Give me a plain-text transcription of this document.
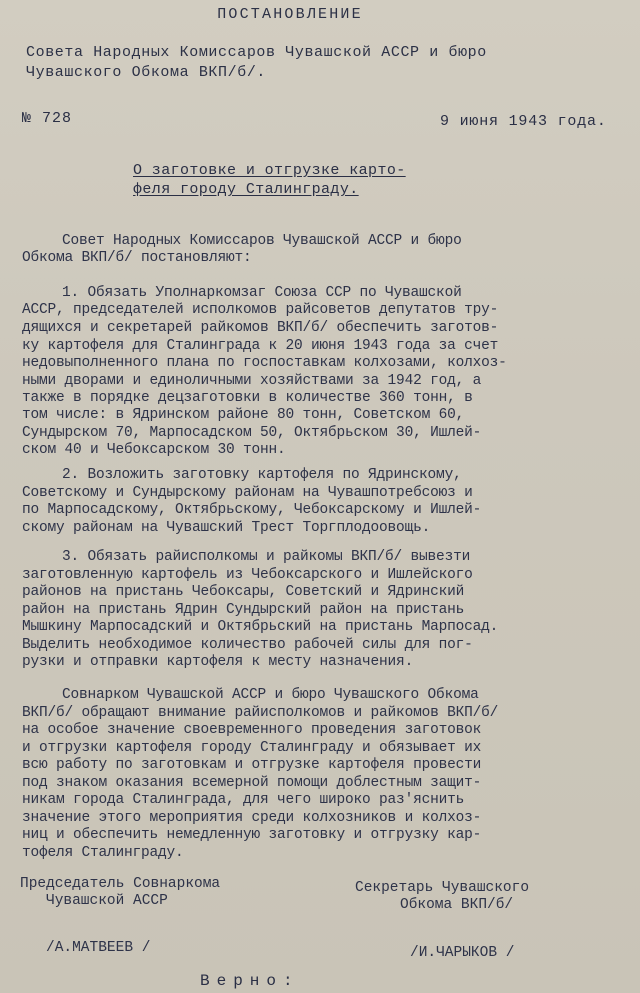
ПОСТАНОВЛЕНИЕ
Совета Народных Комиссаров Чувашской АССР и бюро
Чувашского Обкома ВКП/б/.
№ 728	9 июня 1943 года.
О заготовке и отгрузке карто-
феля городу Сталинграду.
Совет Народных Комиссаров Чувашской АССР и бюро
Обкома ВКП/б/ постановляют:
1. Обязать Уполнаркомзаг Союза ССР по Чувашской
АССР, председателей исполкомов райсоветов депутатов тру-
дящихся и секретарей райкомов ВКП/б/ обеспечить заготов-
ку картофеля для Сталинграда к 20 июня 1943 года за счет
недовыполненного плана по госпоставкам колхозами, колхоз-
ными дворами и единоличными хозяйствами за 1942 год, а
также в порядке децзаготовки в количестве 360 тонн, в
том числе: в Ядринском районе 80 тонн, Советском 60,
Сундырском 70, Марпосадском 50, Октябрьском 30, Ишлей-
ском 40 и Чебоксарском 30 тонн.
2. Возложить заготовку картофеля по Ядринскому,
Советскому и Сундырскому районам на Чувашпотребсоюз и
по Марпосадскому, Октябрьскому, Чебоксарскому и Ишлей-
скому районам на Чувашский Трест Торгплодоовощь.
3. Обязать райисполкомы и райкомы ВКП/б/ вывезти
заготовленную картофель из Чебоксарского и Ишлейского
районов на пристань Чебоксары, Советский и Ядринский
район на пристань Ядрин Сундырский район на пристань
Мышкину Марпосадский и Октябрьский на пристань Марпосад.
Выделить необходимое количество рабочей силы для пог-
рузки и отправки картофеля к месту назначения.
Совнарком Чувашской АССР и бюро Чувашского Обкома
ВКП/б/ обращают внимание райисполкомов и райкомов ВКП/б/
на особое значение своевременного проведения заготовок
и отгрузки картофеля городу Сталинграду и обязывает их
всю работу по заготовкам и отгрузке картофеля провести
под знаком оказания всемерной помощи доблестным защит-
никам города Сталинграда, для чего широко раз'яснить
значение этого мероприятия среди колхозников и колхоз-
ниц и обеспечить немедленную заготовку и отгрузку кар-
тофеля Сталинграду.
Председатель Совнаркома
Чувашской АССР
Секретарь Чувашского
Обкома ВКП/б/
/А.МАТВЕЕВ /	/И.ЧАРЫКОВ /
Верно:
